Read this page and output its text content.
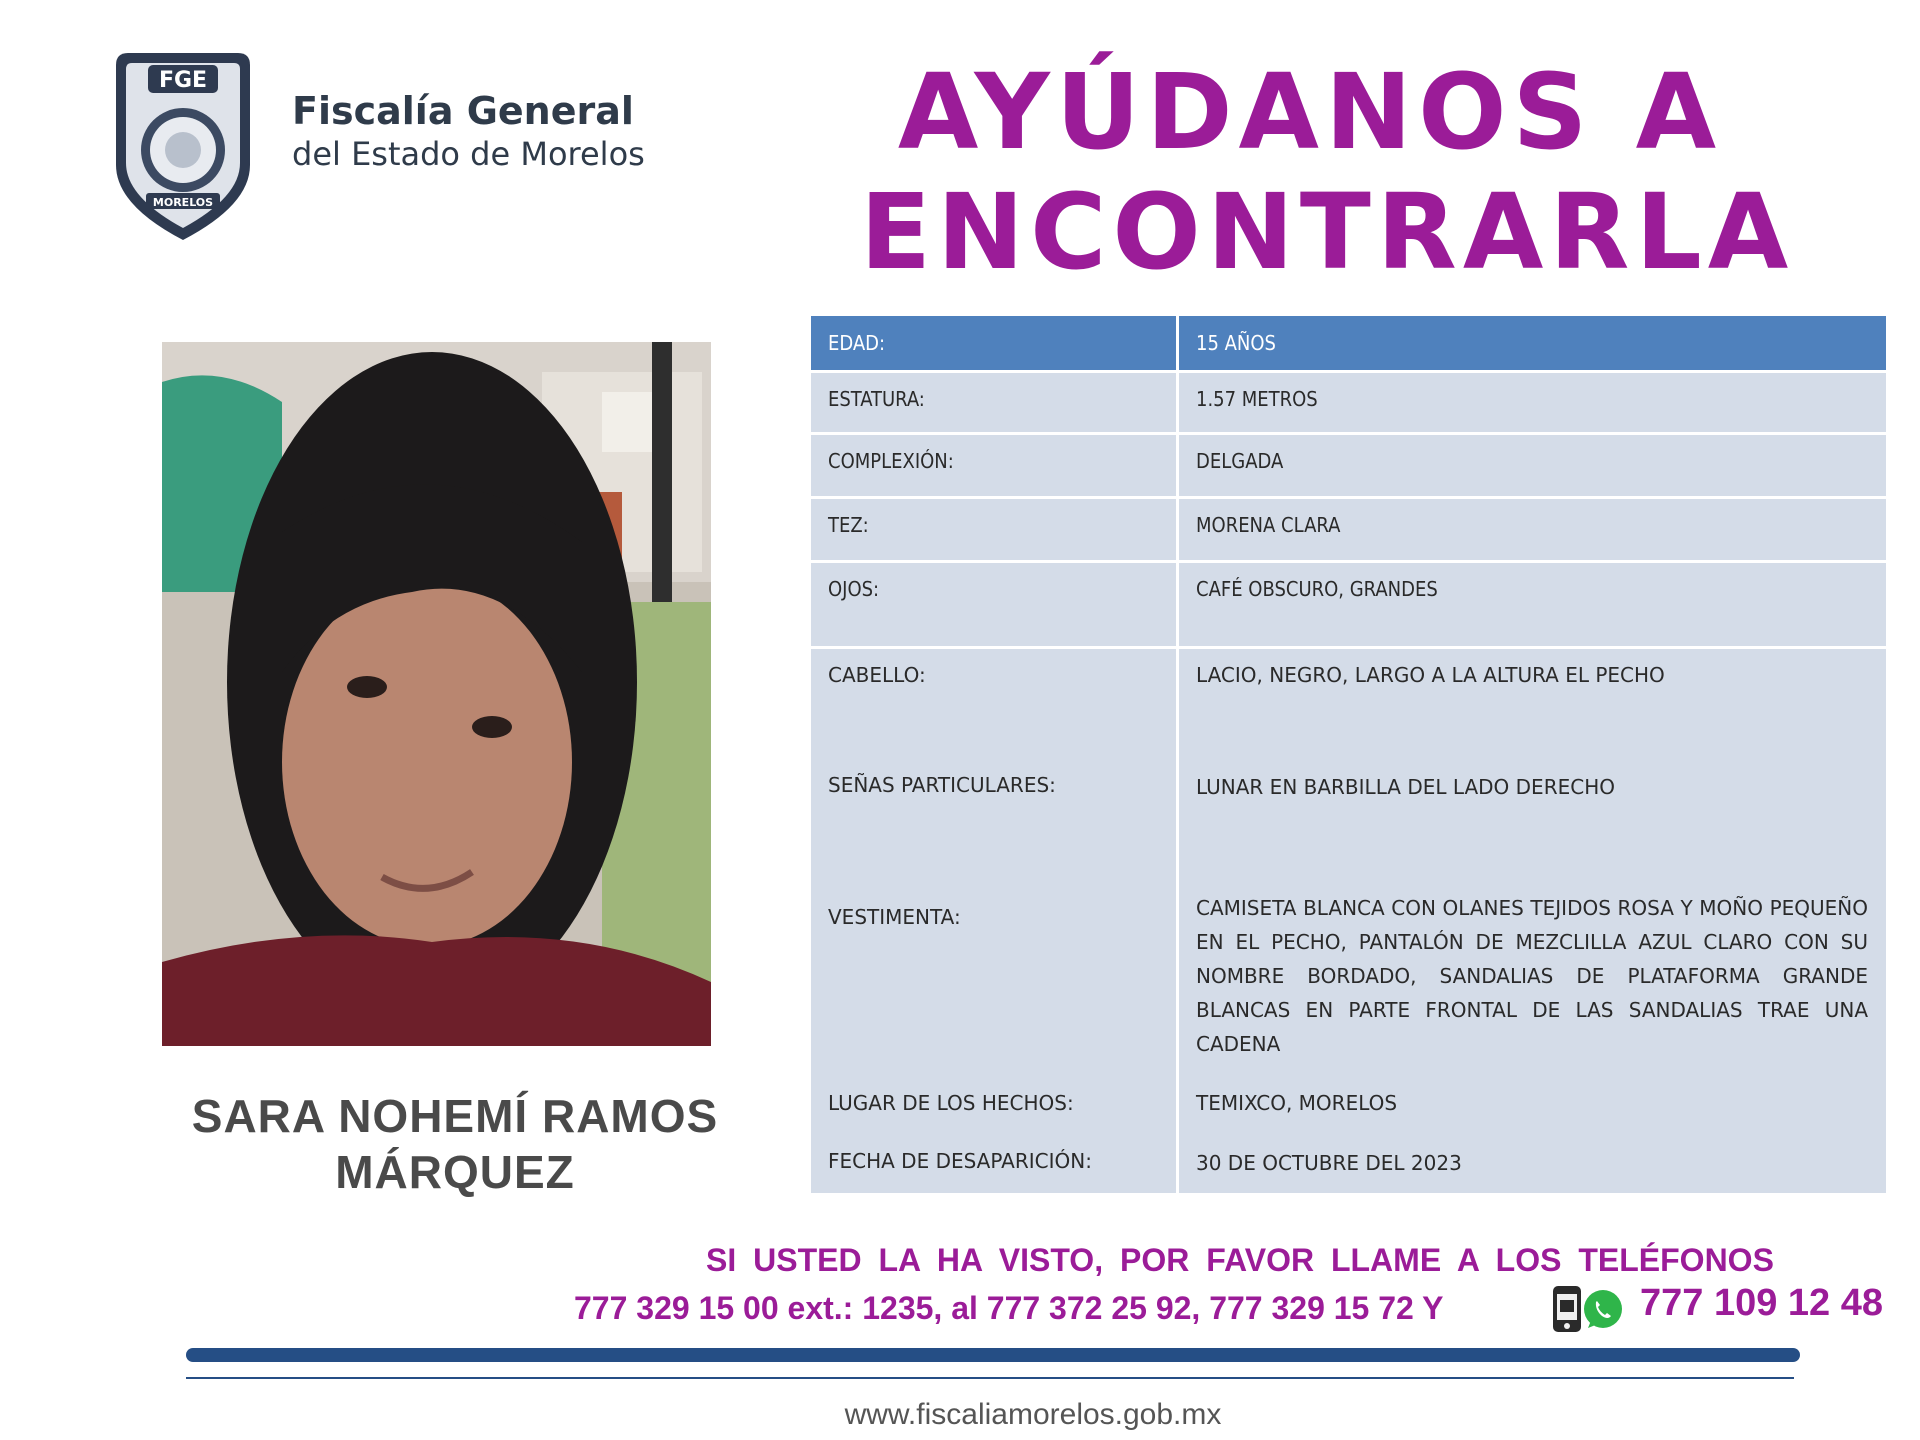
FGE
MORELOS
Fiscalía General
del Estado de Morelos	AYÚDANOS A
ENCONTRARLA
SARA NOHEMÍ RAMOS
MÁRQUEZ
EDAD:	15 AÑOS
ESTATURA:	1.57 METROS
COMPLEXIÓN:	DELGADA
TEZ:	MORENA CLARA
OJOS:	CAFÉ OBSCURO, GRANDES
CABELLO:	LACIO, NEGRO, LARGO A LA ALTURA EL PECHO
SEÑAS PARTICULARES:	LUNAR EN BARBILLA DEL LADO DERECHO
VESTIMENTA:	CAMISETA BLANCA CON OLANES TEJIDOS ROSA Y MOÑO PEQUEÑO EN EL PECHO, PANTALÓN DE MEZCLILLA AZUL CLARO CON SU NOMBRE BORDADO, SANDALIAS DE PLATAFORMA GRANDE BLANCAS EN PARTE FRONTAL DE LAS SANDALIAS TRAE UNA CADENA
LUGAR DE LOS HECHOS:	TEMIXCO, MORELOS
FECHA DE DESAPARICIÓN:	30 DE OCTUBRE DEL 2023
SI USTED LA HA VISTO, POR FAVOR LLAME A LOS TELÉFONOS
777 329 15 00 ext.: 1235, al 777 372 25 92, 777 329 15 72 Y	777 109 12 48
www.fiscaliamorelos.gob.mx
